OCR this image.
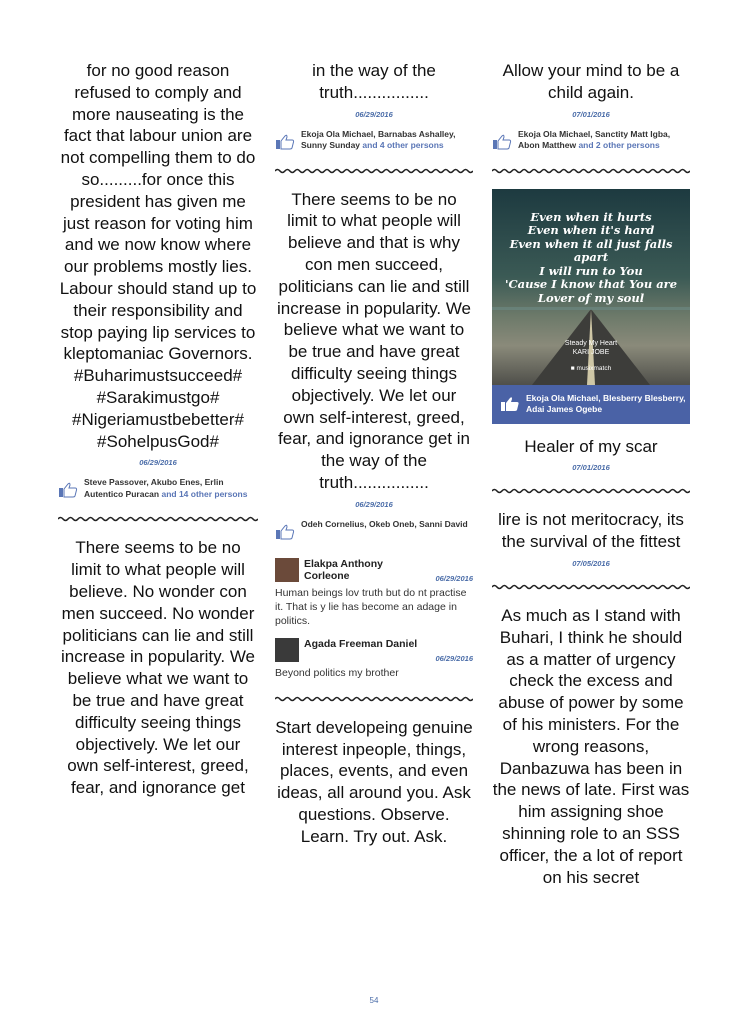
for no good reason refused to comply and more nauseating is the fact that labour union are not compelling them to do so.........for once this president has given me just reason for voting him and we now know where our problems mostly lies. Labour should stand up to their responsibility and stop paying lip services to kleptomaniac Governors. #Buharimustsucceed# #Sarakimustgo# #Nigeriamustbebetter# #SohelpusGod#

06/29/2016
Steve Passover, Akubo Enes, Erlin Autentico Puracan and 14 other persons

There seems to be no limit to what people will believe. No wonder con men succeed. No wonder politicians can lie and still increase in popularity. We believe what we want to be true and have great difficulty seeing things objectively. We let our own self-interest, greed, fear, and ignorance get

in the way of the truth................

06/29/2016
Ekoja Ola Michael, Barnabas Ashalley, Sunny Sunday and 4 other persons

There seems to be no limit to what people will believe and that is why con men succeed, politicians can lie and still increase in popularity. We believe what we want to be true and have great difficulty seeing things objectively. We let our own self-interest, greed, fear, and ignorance get in the way of the truth................

06/29/2016
Odeh Cornelius, Okeb Oneb, Sanni David
Elakpa Anthony Corleone	06/29/2016
Human beings lov truth but do nt practise it. That is y lie has become an adage in politics.
Agada Freeman Daniel
06/29/2016
Beyond politics my brother

Start developeing genuine interest inpeople, things, places, events, and even ideas, all around you. Ask questions. Observe. Learn. Try out. Ask.

Allow your mind to be a child again.

07/01/2016
Ekoja Ola Michael, Sanctity Matt Igba, Abon Matthew and 2 other persons
Even when it hurts
Even when it's hard
Even when it all just falls apart
I will run to You
'Cause I know that You are
Lover of my soul
Steady My Heart
KARI JOBE
■ musixmatch
Ekoja Ola Michael, Blesberry Blesberry, Adai James Ogebe

Healer of my scar

07/01/2016

lire is not meritocracy, its the survival of the fittest

07/05/2016

As much as I stand with Buhari, I think he should as a matter of urgency check the excess and abuse of power by some of his ministers. For the wrong reasons, Danbazuwa has been in the news of late. First was him assigning shoe shinning role to an SSS officer, the a lot of report on his secret

54
